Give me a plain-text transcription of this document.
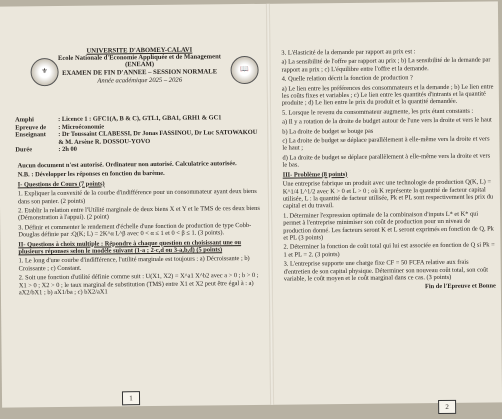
⚜	📖
UNIVERSITE D'ABOMEY-CALAVI
Ecole Nationale d'Economie Appliquée et de Management (ENEAM)
EXAMEN DE FIN D'ANNEE – SESSION NORMALE
Année académique 2025 – 2026
Amphi	: Licence 1 : GFC1(A, B & C), GTL1, GBA1, GRH1 & GC1
Epreuve de	: Microéconomie
Enseignant	: Dr Toussaint CLABESSI, Dr Jonas FASSINOU, Dr Luc SATOWAKOU & M. Arsène R. DOSSOU-YOVO
Durée	: 2h 00

Aucun document n'est autorisé. Ordinateur non autorisé. Calculatrice autorisée.

N.B. : Développer les réponses en fonction du barème.

I- Questions de Cours (7 points)

1. Expliquer la convexité de la courbe d'indifférence pour un consommateur ayant deux biens dans son panier. (2 points)

2. Etablir la relation entre l'Utilité marginale de deux biens X et Y et le TMS de ces deux biens (Démonstration à l'appui). (2 point)

3. Définir et commenter le rendement d'échelle d'une fonction de production de type Cobb-Douglas définie par :Q(K; L) = 2K^α L^β avec 0 < α ≤ 1 et 0 < β ≤ 1. (3 points).

II- Questions à choix multiple : Répondre à chaque question en choisissant une ou plusieurs réponses selon le modèle suivant (1-a ; 2-c,d ou 3-a,b,d) (5 points)

1. Le long d'une courbe d'indifférence, l'utilité marginale est toujours : a) Décroissante ; b) Croissante ; c) Constant.

2. Soit une fonction d'utilité définie comme suit : U(X1, X2) = X^a1 X^b2 avec a > 0 ; b > 0 ; X1 > 0 ; X2 > 0 ; le taux marginal de substitution (TMS) entre X1 et X2 peut être égal à : a) aX2/bX1 ; b) aX1/ba ; c) bX2/aX1

1

3. L'élasticité de la demande par rapport au prix est :

a) La sensibilité de l'offre par rapport au prix ; b) La sensibilité de la demande par rapport au prix ; c) L'équilibre entre l'offre et la demande.

4. Quelle relation décrit la fonction de production ?

a) Le lien entre les préférences des consommateurs et la demande ; b) Le lien entre les coûts fixes et variables ; c) Le lien entre les quantités d'intrants et la quantité produite ; d) Le lien entre le prix du produit et la quantité demandée.

5. Lorsque le revenu du consommateur augmente, les prix étant constants :

a) Il y a rotation de la droite de budget autour de l'une vers la droite et vers le haut

b) La droite de budget se bouge pas

c) La droite de budget se déplace parallèlement à elle-même vers la droite et vers le haut ;

d) La droite de budget se déplace parallèlement à elle-même vers la droite et vers le bas.

III- Problème (8 points)

Une entreprise fabrique un produit avec une technologie de production Q(K, L) = K^1/4 L^1/2 avec K > 0 et L > 0 ; où K représente la quantité de facteur capital utilisée, L : la quantité de facteur utilisée, Pk et PL sont respectivement les prix du capital et du travail.

1. Déterminer l'expression optimale de la combinaison d'inputs L* et K* qui permet à l'entreprise minimiser son coût de production pour un niveau de production donné. Les facteurs seront K et L seront exprimés en fonction de Q, Pk et PL (3 points)

2. Déterminer la fonction de coût total qui lui est associée en fonction de Q si Pk = 1 et PL = 2. (3 points)

3. L'entreprise supporte une charge fixe CF = 50 FCFA relative aux frais d'entretien de son capital physique. Déterminer son nouveau coût total, son coût variable, le coût moyen et le coût marginal dans ce cas. (3 points)

Fin de l'Epreuve et Bonne

2
